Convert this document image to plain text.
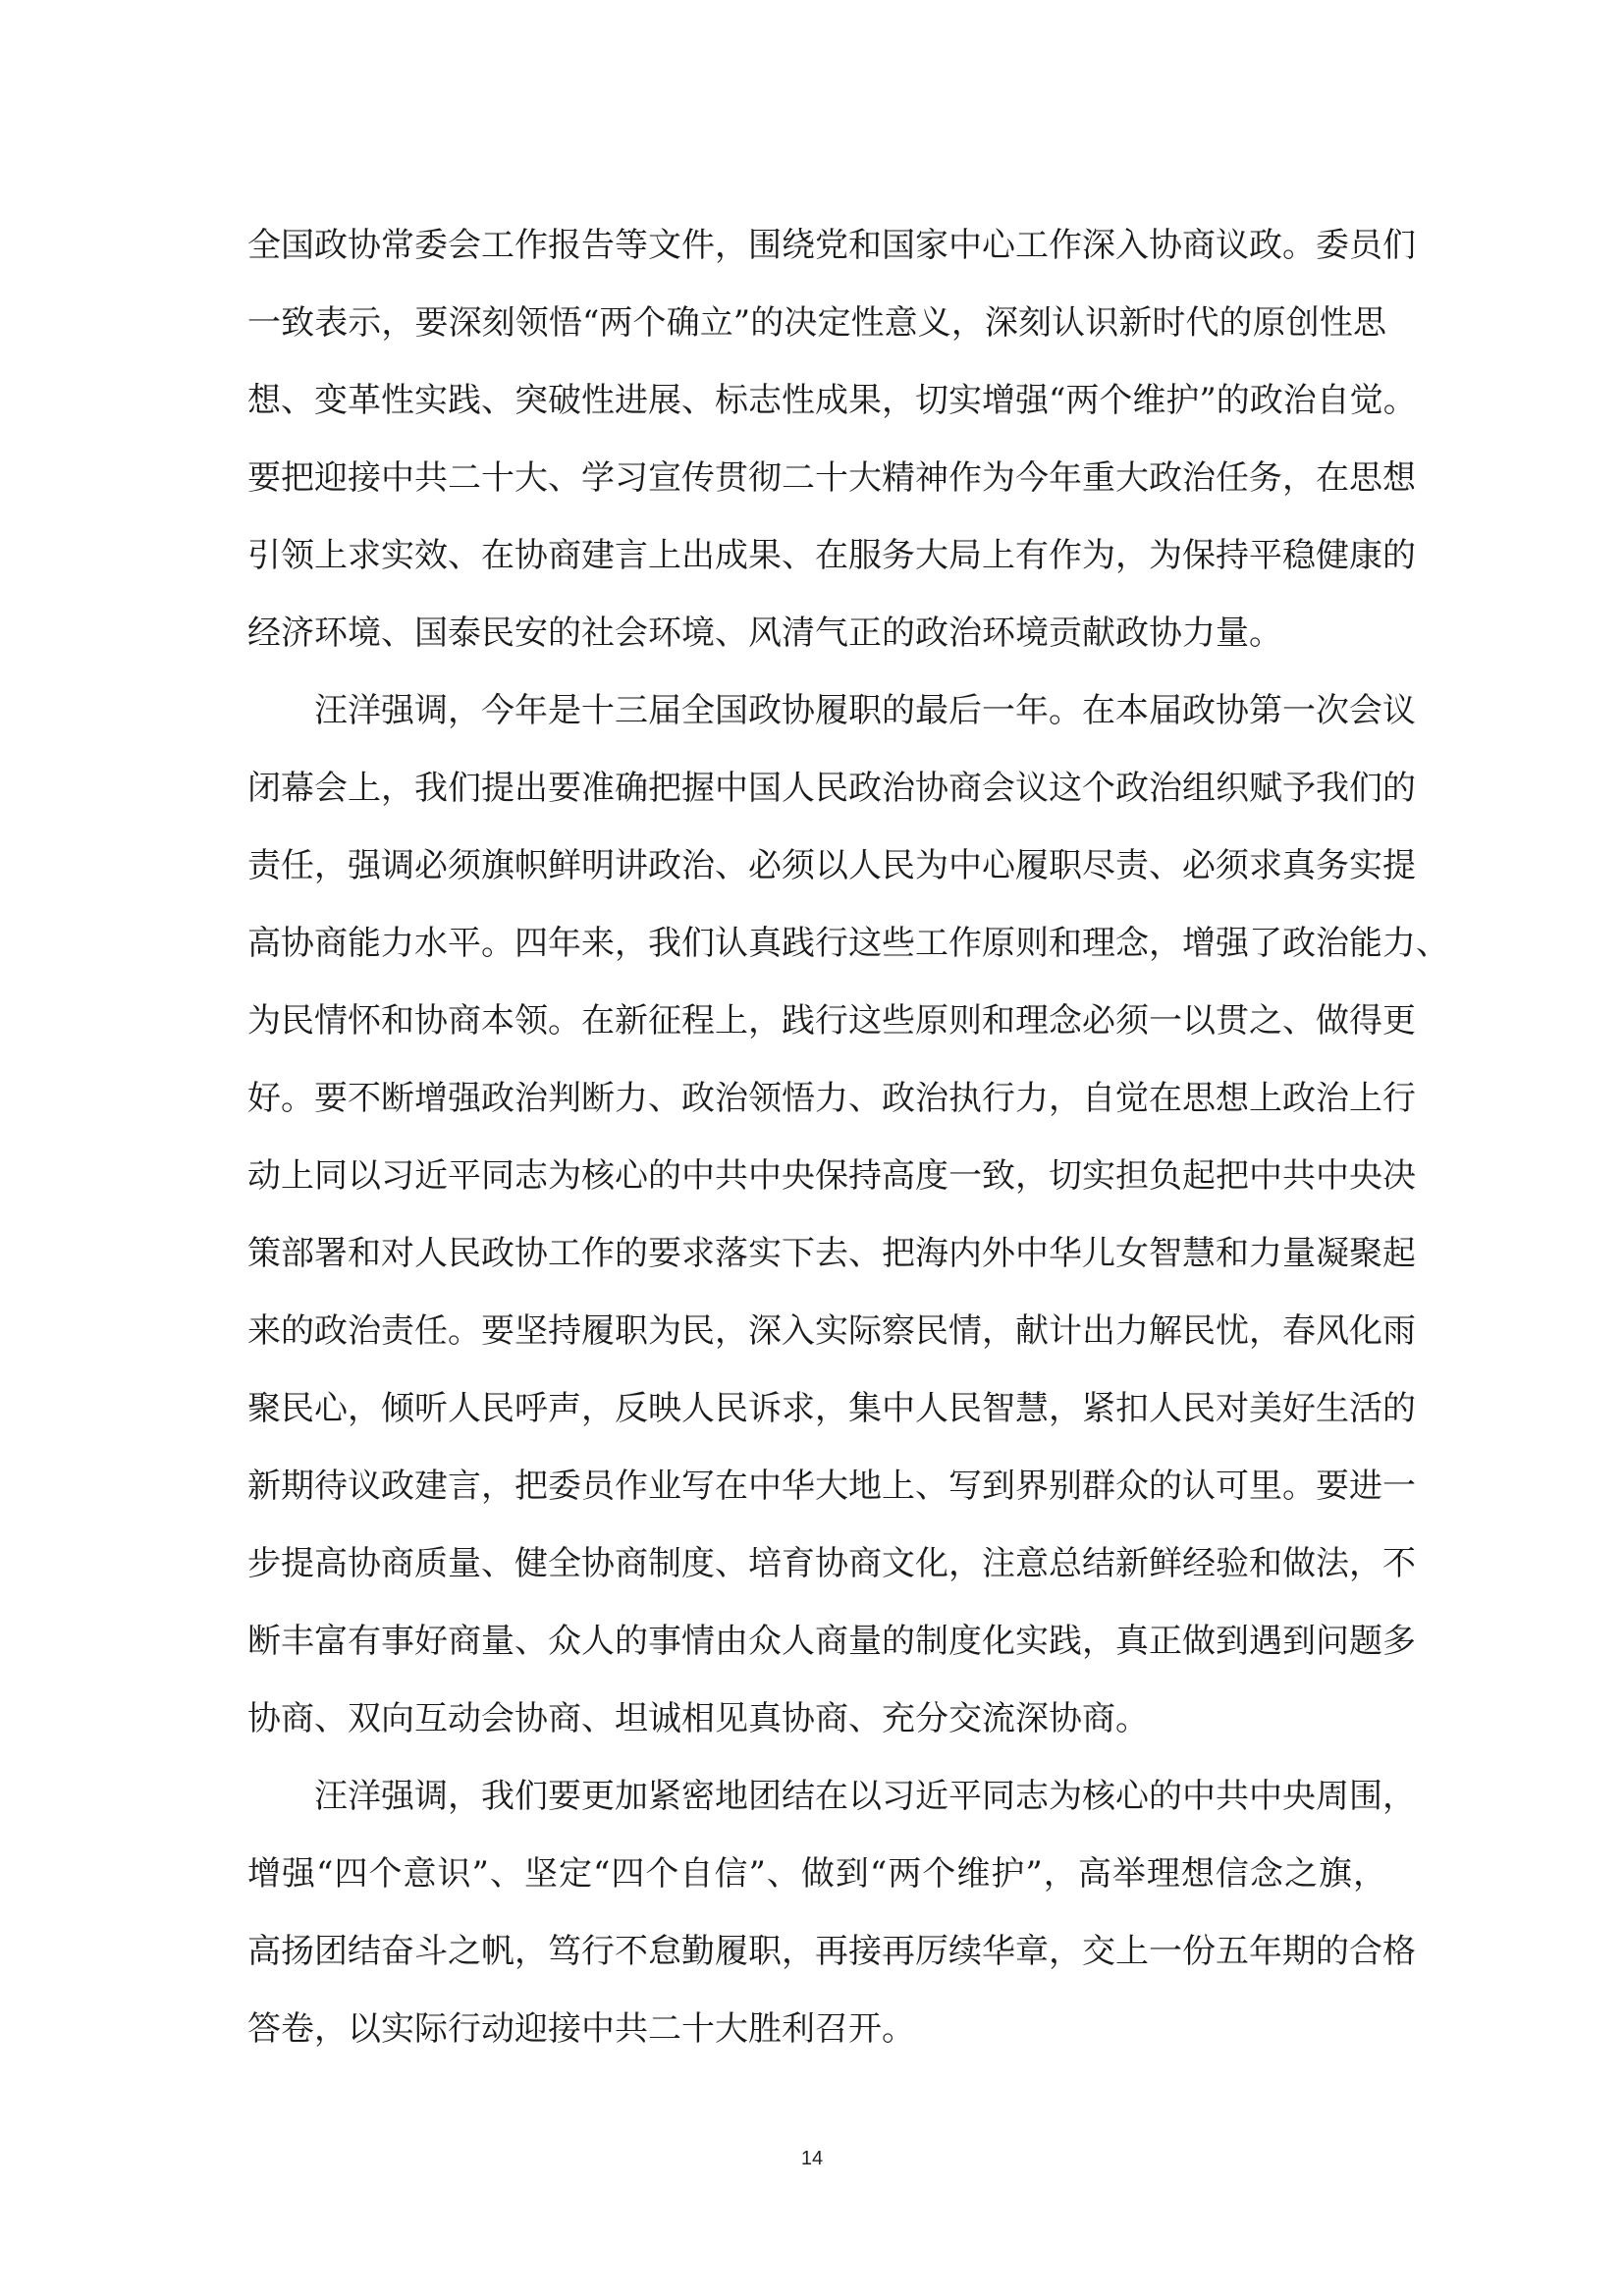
全国政协常委会工作报告等文件，围绕党和国家中心工作深入协商议政。委员们
一致表示，要深刻领悟“两个确立”的决定性意义，深刻认识新时代的原创性思
想、变革性实践、突破性进展、标志性成果，切实增强“两个维护”的政治自觉。
要把迎接中共二十大、学习宣传贯彻二十大精神作为今年重大政治任务，在思想
引领上求实效、在协商建言上出成果、在服务大局上有作为，为保持平稳健康的
经济环境、国泰民安的社会环境、风清气正的政治环境贡献政协力量。
　　汪洋强调，今年是十三届全国政协履职的最后一年。在本届政协第一次会议
闭幕会上，我们提出要准确把握中国人民政治协商会议这个政治组织赋予我们的
责任，强调必须旗帜鲜明讲政治、必须以人民为中心履职尽责、必须求真务实提
高协商能力水平。四年来，我们认真践行这些工作原则和理念，增强了政治能力、
为民情怀和协商本领。在新征程上，践行这些原则和理念必须一以贯之、做得更
好。要不断增强政治判断力、政治领悟力、政治执行力，自觉在思想上政治上行
动上同以习近平同志为核心的中共中央保持高度一致，切实担负起把中共中央决
策部署和对人民政协工作的要求落实下去、把海内外中华儿女智慧和力量凝聚起
来的政治责任。要坚持履职为民，深入实际察民情，献计出力解民忧，春风化雨
聚民心，倾听人民呼声，反映人民诉求，集中人民智慧，紧扣人民对美好生活的
新期待议政建言，把委员作业写在中华大地上、写到界别群众的认可里。要进一
步提高协商质量、健全协商制度、培育协商文化，注意总结新鲜经验和做法，不
断丰富有事好商量、众人的事情由众人商量的制度化实践，真正做到遇到问题多
协商、双向互动会协商、坦诚相见真协商、充分交流深协商。
　　汪洋强调，我们要更加紧密地团结在以习近平同志为核心的中共中央周围，
增强“四个意识”、坚定“四个自信”、做到“两个维护”，高举理想信念之旗，
高扬团结奋斗之帆，笃行不怠勤履职，再接再厉续华章，交上一份五年期的合格
答卷，以实际行动迎接中共二十大胜利召开。
14
